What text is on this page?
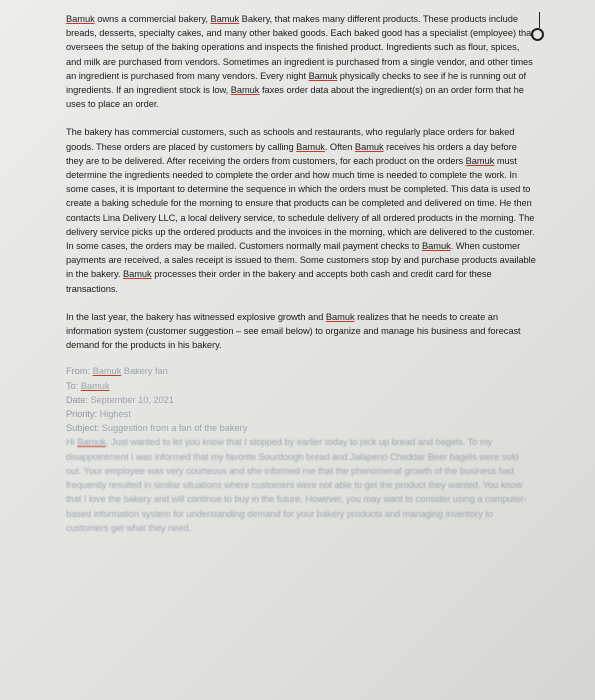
Bamuk owns a commercial bakery, Bamuk Bakery, that makes many different products. These products include breads, desserts, specialty cakes, and many other baked goods. Each baked good has a specialist (employee) that oversees the setup of the baking operations and inspects the finished product. Ingredients such as flour, spices, and milk are purchased from vendors. Sometimes an ingredient is purchased from a single vendor, and other times an ingredient is purchased from many vendors. Every night Bamuk physically checks to see if he is running out of ingredients. If an ingredient stock is low, Bamuk faxes order data about the ingredient(s) on an order form that he uses to place an order.

The bakery has commercial customers, such as schools and restaurants, who regularly place orders for baked goods. These orders are placed by customers by calling Bamuk. Often Bamuk receives his orders a day before they are to be delivered. After receiving the orders from customers, for each product on the orders Bamuk must determine the ingredients needed to complete the order and how much time is needed to complete the work. In some cases, it is important to determine the sequence in which the orders must be completed. This data is used to create a baking schedule for the morning to ensure that products can be completed and delivered on time. He then contacts Lina Delivery LLC, a local delivery service, to schedule delivery of all ordered products in the morning. The delivery service picks up the ordered products and the invoices in the morning, which are delivered to the customer. In some cases, the orders may be mailed. Customers normally mail payment checks to Bamuk. When customer payments are received, a sales receipt is issued to them. Some customers stop by and purchase products available in the bakery. Bamuk processes their order in the bakery and accepts both cash and credit card for these transactions.

In the last year, the bakery has witnessed explosive growth and Bamuk realizes that he needs to create an information system (customer suggestion – see email below) to organize and manage his business and forecast demand for the products in his bakery.

From: Bamuk Bakery fan
To: Bamuk
Date: September 10, 2021
Priority: Highest
Subject: Suggestion from a fan of the bakery

Hi Bamuk, Just wanted to let you know that I stopped by earlier today to pick up bread and bagels. To my disappointment I was informed that my favorite Sourdough bread and Jalapeno Cheddar Beer bagels were sold out. Your employee was very courteous and she informed me that the phenomenal growth of the business had frequently resulted in similar situations where customers were not able to get the product they wanted. You know that I love the bakery and will continue to buy in the future. However, you may want to consider using a computer-based information system for understanding demand for your bakery products and managing inventory to customers get what they need.
